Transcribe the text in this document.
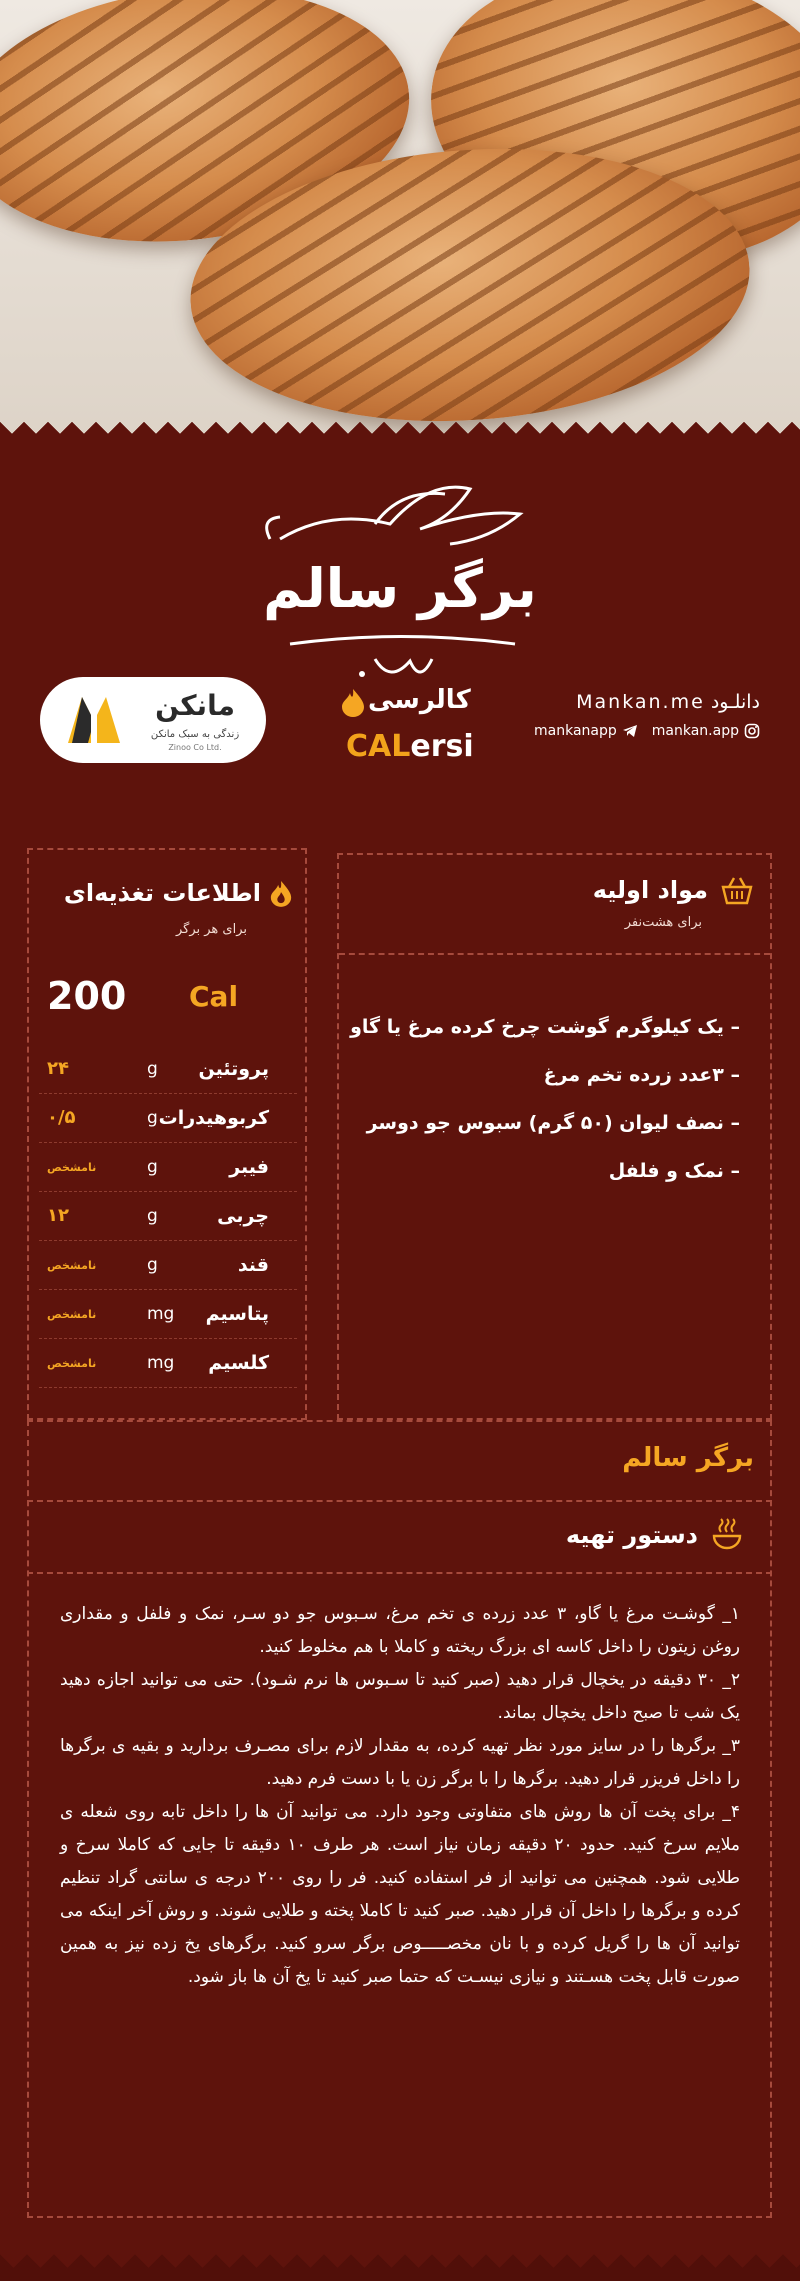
برگر سالم
مانکن
زندگی به سبک مانکن
Zinoo Co Ltd.
کالرسی
CALersi
دانلـود Mankan.me
mankanapp	mankan.app
اطلاعات تغذیه‌ای
برای هر برگر
200 Cal
۲۴	g پروتئین
۰/۵	g کربوهیدرات
نامشخص	g	فیبر
۱۲	g	چربی
نامشخص	g	قند
نامشخص	mg پتاسیم
نامشخص	mg کلسیم
مواد اولیه
برای هشت‌نفر
– یک کیلوگرم گوشت چرخ کرده مرغ یا گاو
– ۳عدد زرده تخم مرغ
– نصف لیوان (۵۰ گرم) سبوس جو دوسر
– نمک و فلفل
برگر سالم
دستور تهیه

۱_ گوشـت مرغ یا گاو، ۳ عدد زرده ی تخم مرغ، سـبوس جو دو سـر، نمک و فلفل و مقداری روغن زیتون را داخل کاسه ای بزرگ ریخته و کاملا با هم مخلوط کنید.

۲_ ۳۰ دقیقه در یخچال قرار دهید (صبر کنید تا سـبوس ها نرم شـود). حتی می توانید اجازه دهید یک شب تا صبح داخل یخچال بماند.

۳_ برگرها را در سایز مورد نظر تهیه کرده، به مقدار لازم برای مصـرف بردارید و بقیه ی برگرها را داخل فریزر قرار دهید. برگرها را با برگر زن یا با دست فرم دهید.

۴_ برای پخت آن ها روش های متفاوتی وجود دارد. می توانید آن ها را داخل تابه روی شعله ی ملایم سرخ کنید. حدود ۲۰ دقیقه زمان نیاز است. هر طرف ۱۰ دقیقه تا جایی که کاملا سرخ و طلایی شود. همچنین می توانید از فر استفاده کنید. فر را روی ۲۰۰ درجه ی سانتی گراد تنظیم کرده و برگرها را داخل آن قرار دهید. صبر کنید تا کاملا پخته و طلایی شوند. و روش آخر اینکه می توانید آن ها را گریل کرده و با نان مخصـــــوص برگر سرو کنید. برگرهای یخ زده نیز به همین صورت قابل پخت هسـتند و نیازی نیسـت که حتما صبر کنید تا یخ آن ها باز شود.
